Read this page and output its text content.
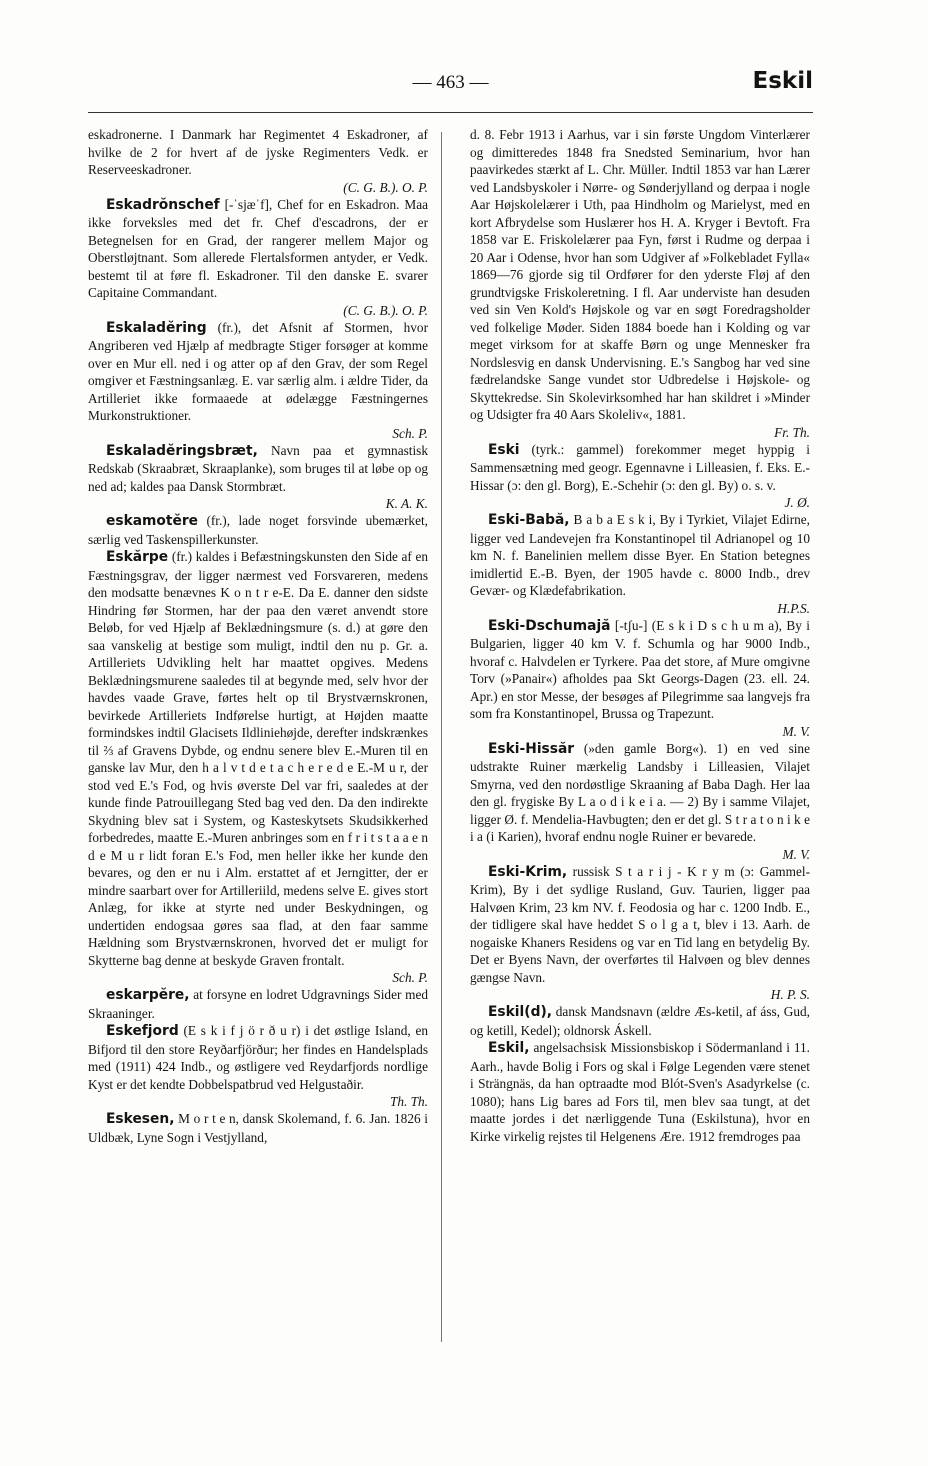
— 463 —	Eskil

eskadronerne. I Danmark har Regimentet 4 Eskadroner, af hvilke de 2 for hvert af de jyske Regimenters Vedk. er Reserveeskadroner.

(C. G. B.). O. P.

Eskadrŏnschef [-ˈsjæˈf], Chef for en Eskadron. Maa ikke forveksles med det fr. Chef d'escadrons, der er Betegnelsen for en Grad, der rangerer mellem Major og Oberstløjtnant. Som allerede Flertalsformen antyder, er Vedk. bestemt til at føre fl. Eskadroner. Til den danske E. svarer Capitaine Commandant.

(C. G. B.). O. P.

Eskaladĕring (fr.), det Afsnit af Stormen, hvor Angriberen ved Hjælp af medbragte Stiger forsøger at komme over en Mur ell. ned i og atter op af den Grav, der som Regel omgiver et Fæstningsanlæg. E. var særlig alm. i ældre Tider, da Artilleriet ikke formaaede at ødelægge Fæstningernes Murkonstruktioner.

Sch. P.

Eskaladĕringsbræt, Navn paa et gymnastisk Redskab (Skraabræt, Skraaplanke), som bruges til at løbe op og ned ad; kaldes paa Dansk Stormbræt.

K. A. K.

eskamotĕre (fr.), lade noget forsvinde ubemærket, særlig ved Taskenspillerkunster.

Eskărpe (fr.) kaldes i Befæstningskunsten den Side af en Fæstningsgrav, der ligger nærmest ved Forsvareren, medens den modsatte benævnes K o n t r e-E. Da E. danner den sidste Hindring før Stormen, har der paa den været anvendt store Beløb, for ved Hjælp af Beklædningsmure (s. d.) at gøre den saa vanskelig at bestige som muligt, indtil den nu p. Gr. a. Artilleriets Udvikling helt har maattet opgives. Medens Beklædningsmurene saaledes til at begynde med, selv hvor der havdes vaade Grave, førtes helt op til Brystværnskronen, bevirkede Artilleriets Indførelse hurtigt, at Højden maatte formindskes indtil Glacisets Ildliniehøjde, derefter indskrænkes til ⅔ af Gravens Dybde, og endnu senere blev E.-Muren til en ganske lav Mur, den h a l v t d e t a c h e r e d e E.-M u r, der stod ved E.'s Fod, og hvis øverste Del var fri, saaledes at der kunde finde Patrouillegang Sted bag ved den. Da den indirekte Skydning blev sat i System, og Kasteskytsets Skudsikkerhed forbedredes, maatte E.-Muren anbringes som en f r i t s t a a e n d e M u r lidt foran E.'s Fod, men heller ikke her kunde den bevares, og den er nu i Alm. erstattet af et Jerngitter, der er mindre saarbart over for Artilleriild, medens selve E. gives stort Anlæg, for ikke at styrte ned under Beskydningen, og undertiden endogsaa gøres saa flad, at den faar samme Hældning som Brystværnskronen, hvorved det er muligt for Skytterne bag denne at beskyde Graven frontalt.

Sch. P.

eskarpĕre, at forsyne en lodret Udgravnings Sider med Skraaninger.

Eskefjord (E s k i f j ö r ð u r) i det østlige Island, en Bifjord til den store Reyðarfjörður; her findes en Handelsplads med (1911) 424 Indb., og østligere ved Reydarfjords nordlige Kyst er det kendte Dobbelspatbrud ved Helgustaðir.

Th. Th.

Eskesen, M o r t e n, dansk Skolemand, f. 6. Jan. 1826 i Uldbæk, Lyne Sogn i Vestjylland,

d. 8. Febr 1913 i Aarhus, var i sin første Ungdom Vinterlærer og dimitteredes 1848 fra Snedsted Seminarium, hvor han paavirkedes stærkt af L. Chr. Müller. Indtil 1853 var han Lærer ved Landsbyskoler i Nørre- og Sønderjylland og derpaa i nogle Aar Højskolelærer i Uth, paa Hindholm og Marielyst, med en kort Afbrydelse som Huslærer hos H. A. Kryger i Bevtoft. Fra 1858 var E. Friskolelærer paa Fyn, først i Rudme og derpaa i 20 Aar i Odense, hvor han som Udgiver af »Folkebladet Fylla« 1869—76 gjorde sig til Ordfører for den yderste Fløj af den grundtvigske Friskoleretning. I fl. Aar underviste han desuden ved sin Ven Kold's Højskole og var en søgt Foredragsholder ved folkelige Møder. Siden 1884 boede han i Kolding og var meget virksom for at skaffe Børn og unge Mennesker fra Nordslesvig en dansk Undervisning. E.'s Sangbog har ved sine fædrelandske Sange vundet stor Udbredelse i Højskole- og Skyttekredse. Sin Skolevirksomhed har han skildret i »Minder og Udsigter fra 40 Aars Skoleliv«, 1881.

Fr. Th.

Eski (tyrk.: gammel) forekommer meget hyppig i Sammensætning med geogr. Egennavne i Lilleasien, f. Eks. E.-Hissar (ɔ: den gl. Borg), E.-Schehir (ɔ: den gl. By) o. s. v.

J. Ø.

Eski-Babă, B a b a E s k i, By i Tyrkiet, Vilajet Edirne, ligger ved Landevejen fra Konstantinopel til Adrianopel og 10 km N. f. Banelinien mellem disse Byer. En Station betegnes imidlertid E.-B. Byen, der 1905 havde c. 8000 Indb., drev Gevær- og Klædefabrikation.

H.P.S.

Eski-Dschumajă [-tʃu-] (E s k i D s c h u m a), By i Bulgarien, ligger 40 km V. f. Schumla og har 9000 Indb., hvoraf c. Halvdelen er Tyrkere. Paa det store, af Mure omgivne Torv (»Panair«) afholdes paa Skt Georgs-Dagen (23. ell. 24. Apr.) en stor Messe, der besøges af Pilegrimme saa langvejs fra som fra Konstantinopel, Brussa og Trapezunt.

M. V.

Eski-Hissăr (»den gamle Borg«). 1) en ved sine udstrakte Ruiner mærkelig Landsby i Lilleasien, Vilajet Smyrna, ved den nordøstlige Skraaning af Baba Dagh. Her laa den gl. frygiske By L a o d i k e i a. — 2) By i samme Vilajet, ligger Ø. f. Mendelia-Havbugten; den er det gl. S t r a t o n i k e i a (i Karien), hvoraf endnu nogle Ruiner er bevarede.

M. V.

Eski-Krim, russisk S t a r i j - K r y m (ɔ: Gammel-Krim), By i det sydlige Rusland, Guv. Taurien, ligger paa Halvøen Krim, 23 km NV. f. Feodosia og har c. 1200 Indb. E., der tidligere skal have heddet S o l g a t, blev i 13. Aarh. de nogaiske Khaners Residens og var en Tid lang en betydelig By. Det er Byens Navn, der overførtes til Halvøen og blev dennes gængse Navn.

H. P. S.

Eskil(d), dansk Mandsnavn (ældre Æs-ketil, af áss, Gud, og ketill, Kedel); oldnorsk Áskell.

Eskil, angelsachsisk Missionsbiskop i Södermanland i 11. Aarh., havde Bolig i Fors og skal i Følge Legenden være stenet i Strängnäs, da han optraadte mod Blót-Sven's Asadyrkelse (c. 1080); hans Lig bares ad Fors til, men blev saa tungt, at det maatte jordes i det nærliggende Tuna (Eskilstuna), hvor en Kirke virkelig rejstes til Helgenens Ære. 1912 fremdroges paa
